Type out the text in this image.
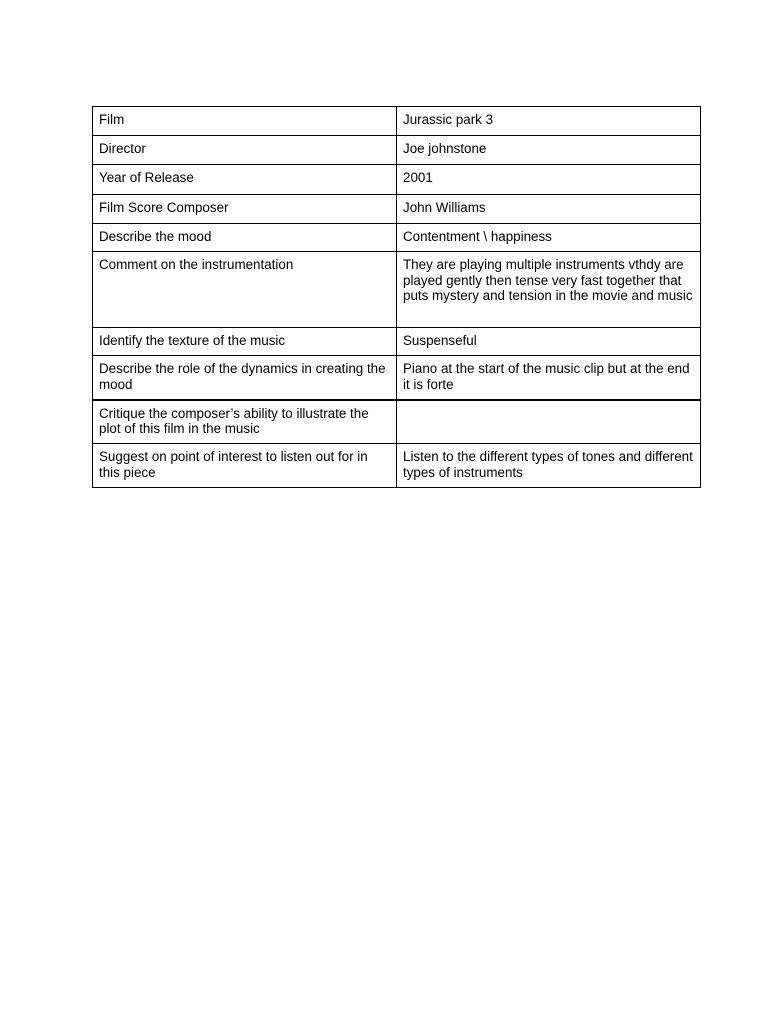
Film	Jurassic park 3
Director	Joe johnstone
Year of Release	2001
Film Score Composer	John Williams
Describe the mood	Contentment \ happiness
Comment on the instrumentation	They are playing multiple instruments vthdy are played gently then tense very fast together that puts mystery and tension in the movie and music
Identify the texture of the music	Suspenseful
Describe the role of the dynamics in creating the mood	Piano at the start of the music clip but at the end it is forte
Critique the composer’s ability to illustrate the plot of this film in the music	
Suggest on point of interest to listen out for in this piece	Listen to the different types of tones and different types of instruments
